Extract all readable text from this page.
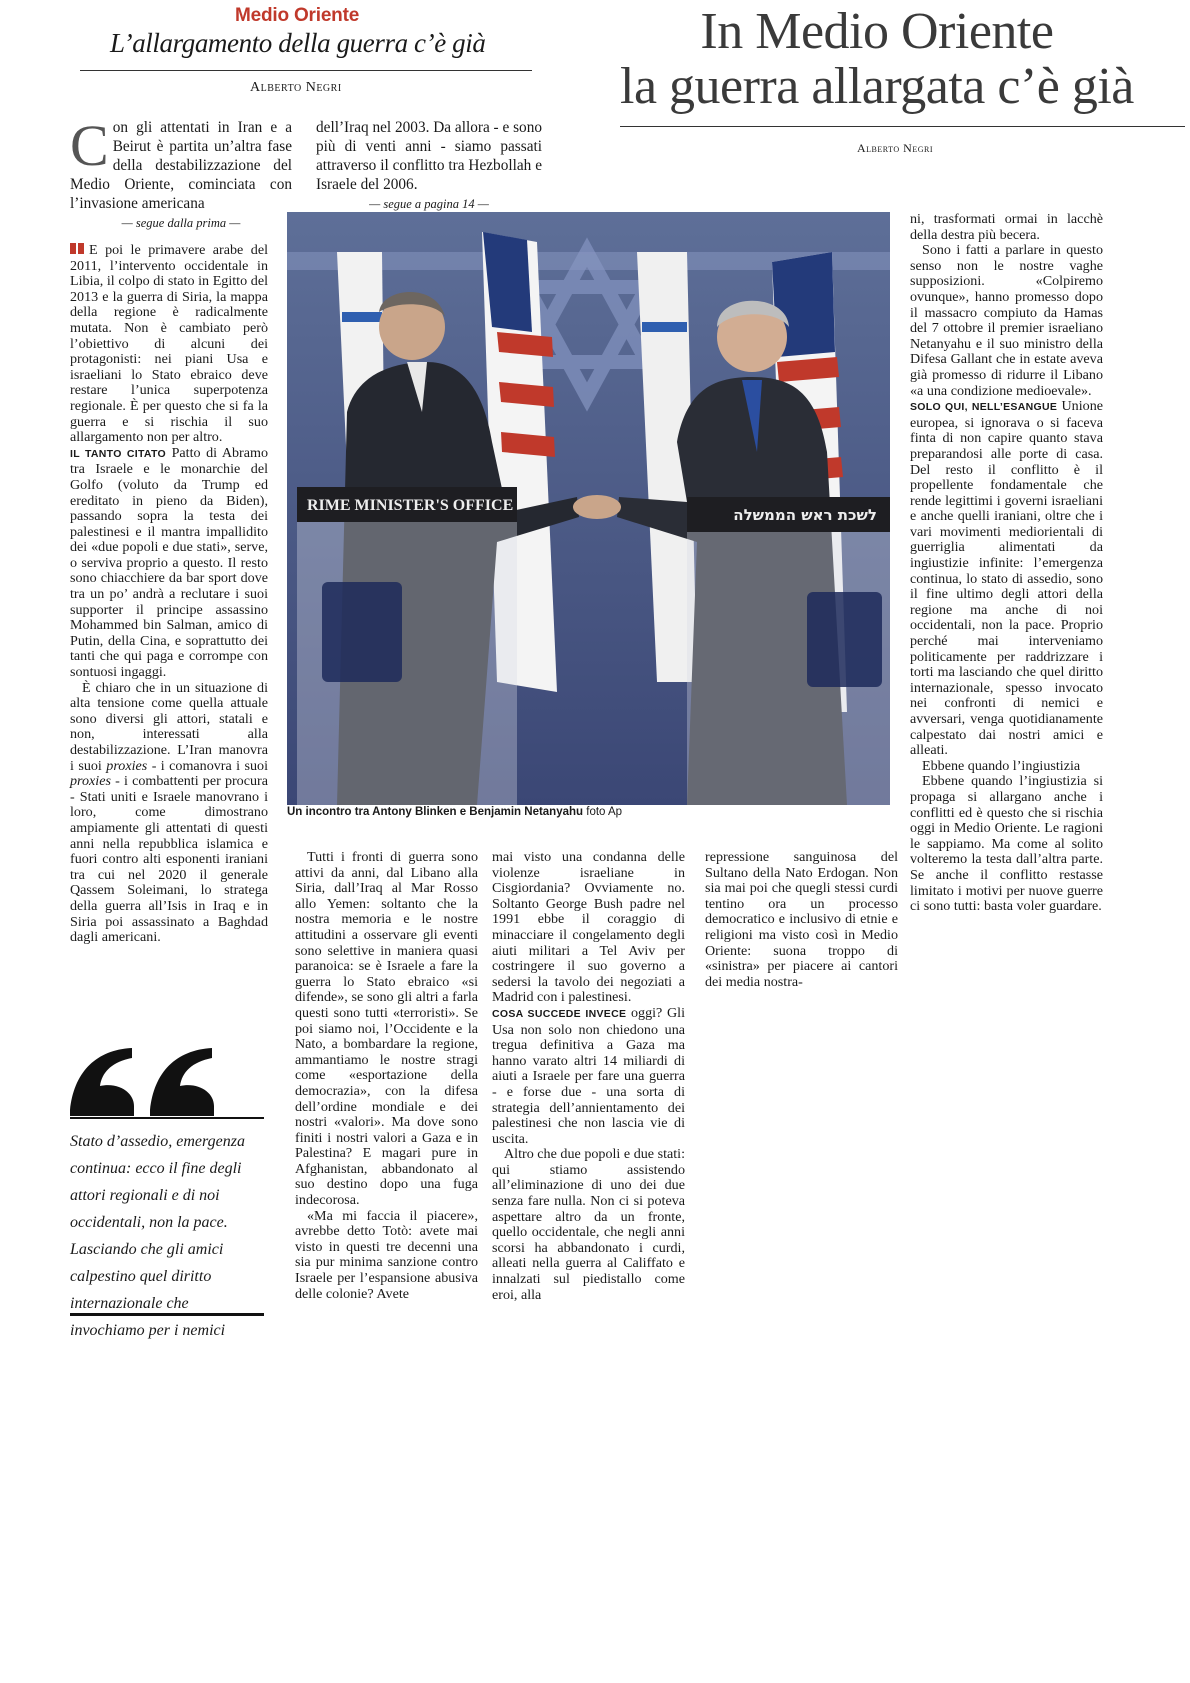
Medio Oriente
L’allargamento della guerra c’è già
Alberto Negri
In Medio Oriente
la guerra allargata c’è già
Alberto Negri

C on gli attentati in Iran e a Beirut è partita un’altra fase della destabilizzazione del Medio Oriente, cominciata con l’invasione americana

— segue dalla prima —

dell’Iraq nel 2003. Da allora - e sono più di venti anni - siamo passati attraverso il conflitto tra Hezbollah e Israele del 2006.

— segue a pagina 14 —

E poi le primavere arabe del 2011, l’intervento occidentale in Libia, il colpo di stato in Egitto del 2013 e la guerra di Siria, la mappa della regione è radicalmente mutata. Non è cambiato però l’obiettivo di alcuni dei protagonisti: nei piani Usa e israeliani lo Stato ebraico deve restare l’unica superpotenza regionale. È per questo che si fa la guerra e si rischia il suo allargamento non per altro.

IL TANTO CITATO Patto di Abramo tra Israele e le monarchie del Golfo (voluto da Trump ed ereditato in pieno da Biden), passando sopra la testa dei palestinesi e il mantra impallidito dei «due popoli e due stati», serve, o serviva proprio a questo. Il resto sono chiacchiere da bar sport dove tra un po’ andrà a reclutare i suoi supporter il principe assassino Mohammed bin Salman, amico di Putin, della Cina, e soprattutto dei tanti che qui paga e corrompe con sontuosi ingaggi.

È chiaro che in un situazione di alta tensione come quella attuale sono diversi gli attori, statali e non, interessati alla destabilizzazione. L’Iran manovra i suoi proxies - i comanovra i suoi proxies - i combattenti per procura - Stati uniti e Israele manovrano i loro, come dimostrano ampiamente gli attentati di questi anni nella repubblica islamica e fuori contro alti esponenti iraniani tra cui nel 2020 il generale Qassem Soleimani, lo stratega della guerra all’Isis in Iraq e in Siria poi assassinato a Baghdad dagli americani.

Stato d’assedio, emergenza continua: ecco il fine degli attori regionali e di noi occidentali, non la pace. Lasciando che gli amici calpestino quel diritto internazionale che invochiamo per i nemici
RIME MINISTER'S OFFICE
לשכת ראש הממשלה
Un incontro tra Antony Blinken e Benjamin Netanyahu foto Ap

ni, trasformati ormai in lacchè della destra più becera.

Sono i fatti a parlare in questo senso non le nostre vaghe supposizioni. «Colpiremo ovunque», hanno promesso dopo il massacro compiuto da Hamas del 7 ottobre il premier israeliano Netanyahu e il suo ministro della Difesa Gallant che in estate aveva già promesso di ridurre il Libano «a una condizione medioevale».

SOLO QUI, NELL’ESANGUE Unione europea, si ignorava o si faceva finta di non capire quanto stava preparandosi alle porte di casa. Del resto il conflitto è il propellente fondamentale che rende legittimi i governi israeliani e anche quelli iraniani, oltre che i vari movimenti mediorientali di guerriglia alimentati da ingiustizie infinite: l’emergenza continua, lo stato di assedio, sono il fine ultimo degli attori della regione ma anche di noi occidentali, non la pace. Proprio perché mai interveniamo politicamente per raddrizzare i torti ma lasciando che quel diritto internazionale, spesso invocato nei confronti di nemici e avversari, venga quotidianamente calpestato dai nostri amici e alleati.

Ebbene quando l’ingiustizia

Ebbene quando l’ingiustizia si propaga si allargano anche i conflitti ed è questo che si rischia oggi in Medio Oriente. Le ragioni le sappiamo. Ma come al solito volteremo la testa dall’altra parte. Se anche il conflitto restasse limitato i motivi per nuove guerre ci sono tutti: basta voler guardare.

Tutti i fronti di guerra sono attivi da anni, dal Libano alla Siria, dall’Iraq al Mar Rosso allo Yemen: soltanto che la nostra memoria e le nostre attitudini a osservare gli eventi sono selettive in maniera quasi paranoica: se è Israele a fare la guerra lo Stato ebraico «si difende», se sono gli altri a farla questi sono tutti «terroristi». Se poi siamo noi, l’Occidente e la Nato, a bombardare la regione, ammantiamo le nostre stragi come «esportazione della democrazia», con la difesa dell’ordine mondiale e dei nostri «valori». Ma dove sono finiti i nostri valori a Gaza e in Palestina? E magari pure in Afghanistan, abbandonato al suo destino dopo una fuga indecorosa.

«Ma mi faccia il piacere», avrebbe detto Totò: avete mai visto in questi tre decenni una sia pur minima sanzione contro Israele per l’espansione abusiva delle colonie? Avete

mai visto una condanna delle violenze israeliane in Cisgiordania? Ovviamente no. Soltanto George Bush padre nel 1991 ebbe il coraggio di minacciare il congelamento degli aiuti militari a Tel Aviv per costringere il suo governo a sedersi la tavolo dei negoziati a Madrid con i palestinesi.

COSA SUCCEDE INVECE oggi? Gli Usa non solo non chiedono una tregua definitiva a Gaza ma hanno varato altri 14 miliardi di aiuti a Israele per fare una guerra - e forse due - una sorta di strategia dell’annientamento dei palestinesi che non lascia vie di uscita.

Altro che due popoli e due stati: qui stiamo assistendo all’eliminazione di uno dei due senza fare nulla. Non ci si poteva aspettare altro da un fronte, quello occidentale, che negli anni scorsi ha abbandonato i curdi, alleati nella guerra al Califfato e innalzati sul piedistallo come eroi, alla

repressione sanguinosa del Sultano della Nato Erdogan. Non sia mai poi che quegli stessi curdi tentino ora un processo democratico e inclusivo di etnie e religioni ma visto così in Medio Oriente: suona troppo di «sinistra» per piacere ai cantori dei media nostra-
